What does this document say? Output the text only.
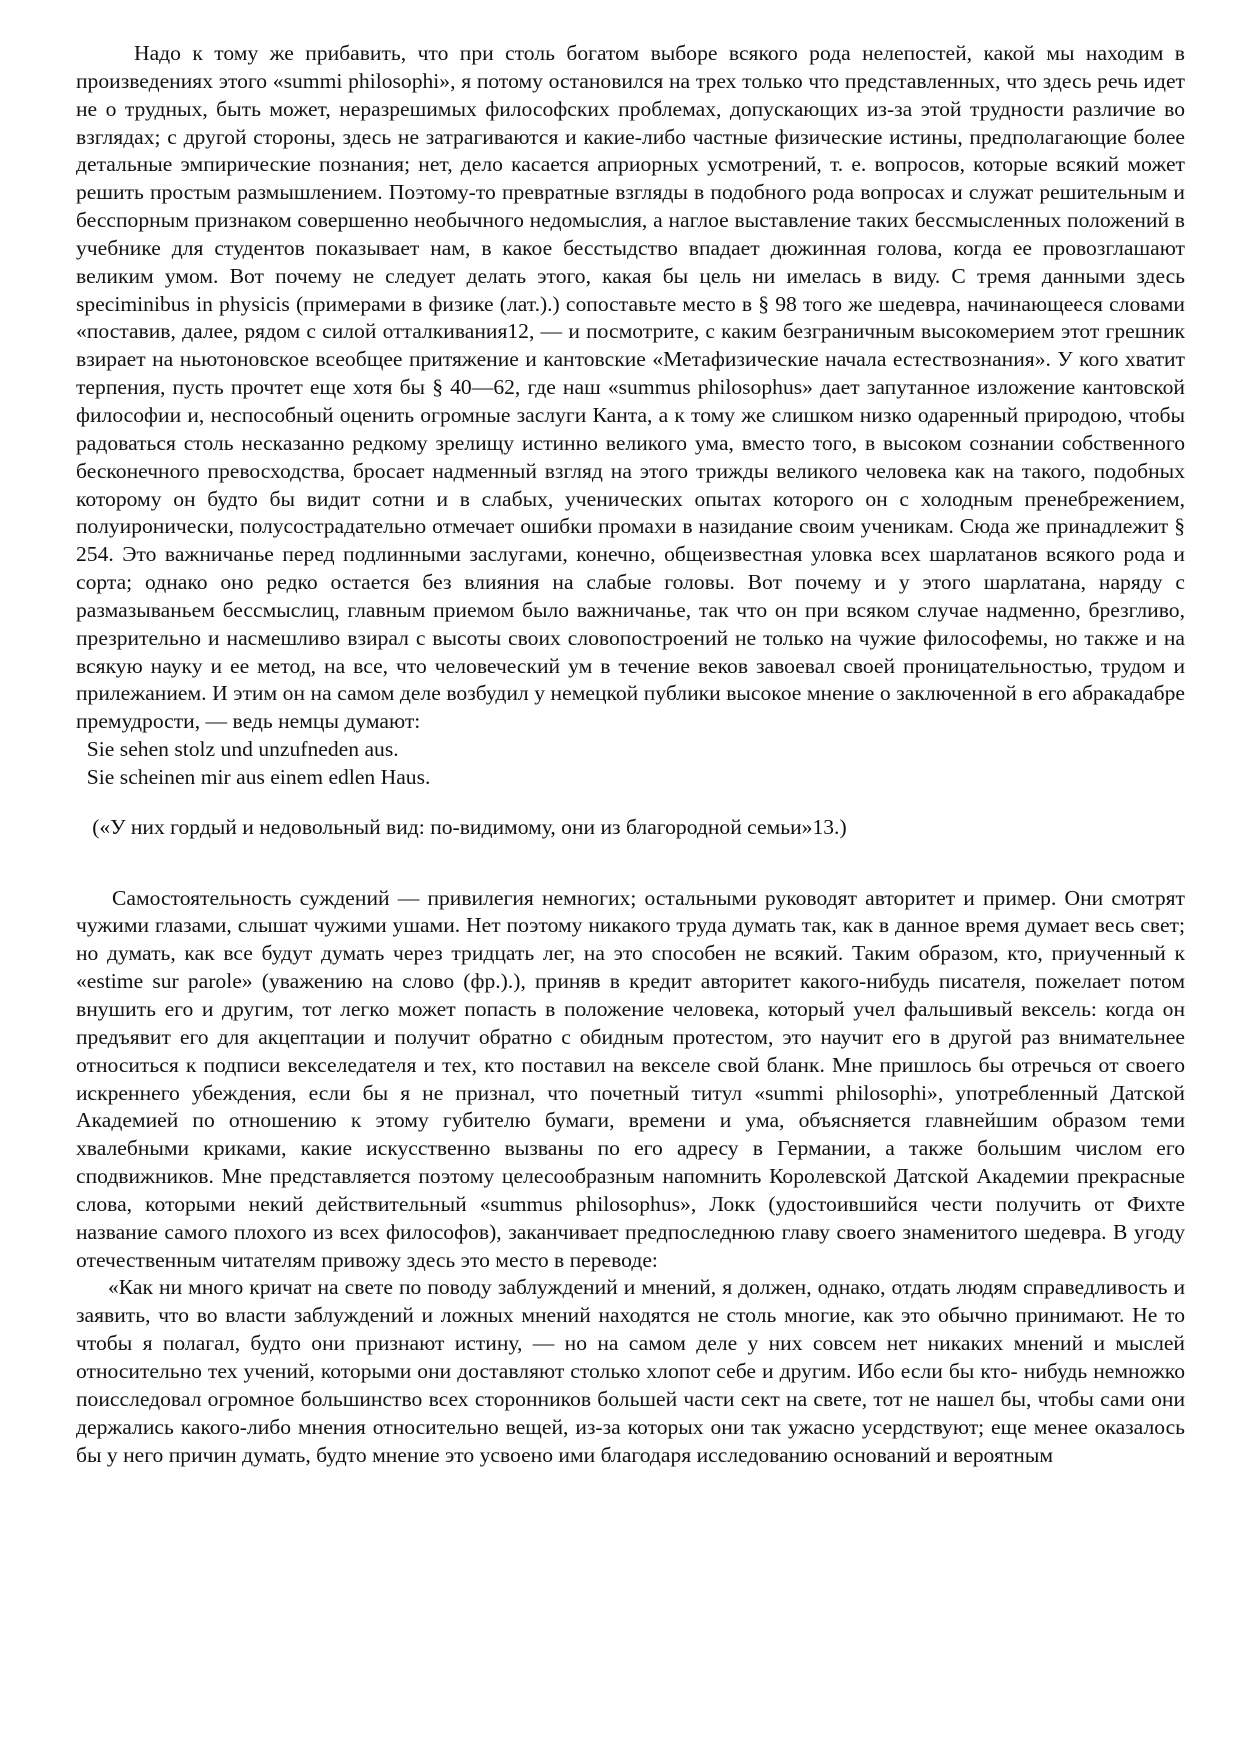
Надо к тому же прибавить, что при столь богатом выборе всякого рода нелепостей, какой мы находим в произведениях этого «summi philosophi», я потому остановился на трех только что представленных, что здесь речь идет не о трудных, быть может, неразрешимых философских проблемах, допускающих из-за этой трудности различие во взглядах; с другой стороны, здесь не затрагиваются и какие-либо частные физические истины, предполагающие более детальные эмпирические познания; нет, дело касается априорных усмотрений, т. е. вопросов, которые всякий может решить простым размышлением. Поэтому-то превратные взгляды в подобного рода вопросах и служат решительным и бесспорным признаком совершенно необычного недомыслия, а наглое выставление таких бессмысленных положений в учебнике для студентов показывает нам, в какое бесстыдство впадает дюжинная голова, когда ее провозглашают великим умом. Вот почему не следует делать этого, какая бы цель ни имелась в виду. С тремя данными здесь speciminibus in physicis (примерами в физике (лат.).) сопоставьте место в § 98 того же шедевра, начинающееся словами «поставив, далее, рядом с силой отталкивания12, — и посмотрите, с каким безграничным высокомерием этот грешник взирает на ньютоновское всеобщее притяжение и кантовские «Метафизические начала естествознания». У кого хватит терпения, пусть прочтет еще хотя бы § 40—62, где наш «summus philosophus» дает запутанное изложение кантовской философии и, неспособный оценить огромные заслуги Канта, а к тому же слишком низко одаренный природою, чтобы радоваться столь несказанно редкому зрелищу истинно великого ума, вместо того, в высоком сознании собственного бесконечного превосходства, бросает надменный взгляд на этого трижды великого человека как на такого, подобных которому он будто бы видит сотни и в слабых, ученических опытах которого он с холодным пренебрежением, полуиронически, полусострадательно отмечает ошибки промахи в назидание своим ученикам. Сюда же принадлежит § 254. Это важничанье перед подлинными заслугами, конечно, общеизвестная уловка всех шарлатанов всякого рода и сорта; однако оно редко остается без влияния на слабые головы. Вот почему и у этого шарлатана, наряду с размазываньем бессмыслиц, главным приемом было важничанье, так что он при всяком случае надменно, брезгливо, презрительно и насмешливо взирал с высоты своих словопостроений не только на чужие философемы, но также и на всякую науку и ее метод, на все, что человеческий ум в течение веков завоевал своей проницательностью, трудом и прилежанием. И этим он на самом деле возбудил у немецкой публики высокое мнение о заключенной в его абракадабре премудрости, — ведь немцы думают:

Sie sehen stolz und unzufneden aus.

Sie scheinen mir aus einem edlen Haus.

(«У них гордый и недовольный вид: по-видимому, они из благородной семьи»13.)

Самостоятельность суждений — привилегия немногих; остальными руководят авторитет и пример. Они смотрят чужими глазами, слышат чужими ушами. Нет поэтому никакого труда думать так, как в данное время думает весь свет; но думать, как все будут думать через тридцать лег, на это способен не всякий. Таким образом, кто, приученный к «estime sur parole» (уважению на слово (фр.).), приняв в кредит авторитет какого-нибудь писателя, пожелает потом внушить его и другим, тот легко может попасть в положение человека, который учел фальшивый вексель: когда он предъявит его для акцептации и получит обратно с обидным протестом, это научит его в другой раз внимательнее относиться к подписи векселедателя и тех, кто поставил на векселе свой бланк. Мне пришлось бы отречься от своего искреннего убеждения, если бы я не признал, что почетный титул «summi philosophi», употребленный Датской Академией по отношению к этому губителю бумаги, времени и ума, объясняется главнейшим образом теми хвалебными криками, какие искусственно вызваны по его адресу в Германии, а также большим числом его сподвижников. Мне представляется поэтому целесообразным напомнить Королевской Датской Академии прекрасные слова, которыми некий действительный «summus philosophus», Локк (удостоившийся чести получить от Фихте название самого плохого из всех философов), заканчивает предпоследнюю главу своего знаменитого шедевра. В угоду отечественным читателям привожу здесь это место в переводе:

«Как ни много кричат на свете по поводу заблуждений и мнений, я должен, однако, отдать людям справедливость и заявить, что во власти заблуждений и ложных мнений находятся не столь многие, как это обычно принимают. Не то чтобы я полагал, будто они признают истину, — но на самом деле у них совсем нет никаких мнений и мыслей относительно тех учений, которыми они доставляют столько хлопот себе и другим. Ибо если бы кто- нибудь немножко поисследовал огромное большинство всех сторонников большей части сект на свете, тот не нашел бы, чтобы сами они держались какого-либо мнения относительно вещей, из-за которых они так ужасно усердствуют; еще менее оказалось бы у него причин думать, будто мнение это усвоено ими благодаря исследованию оснований и вероятным
